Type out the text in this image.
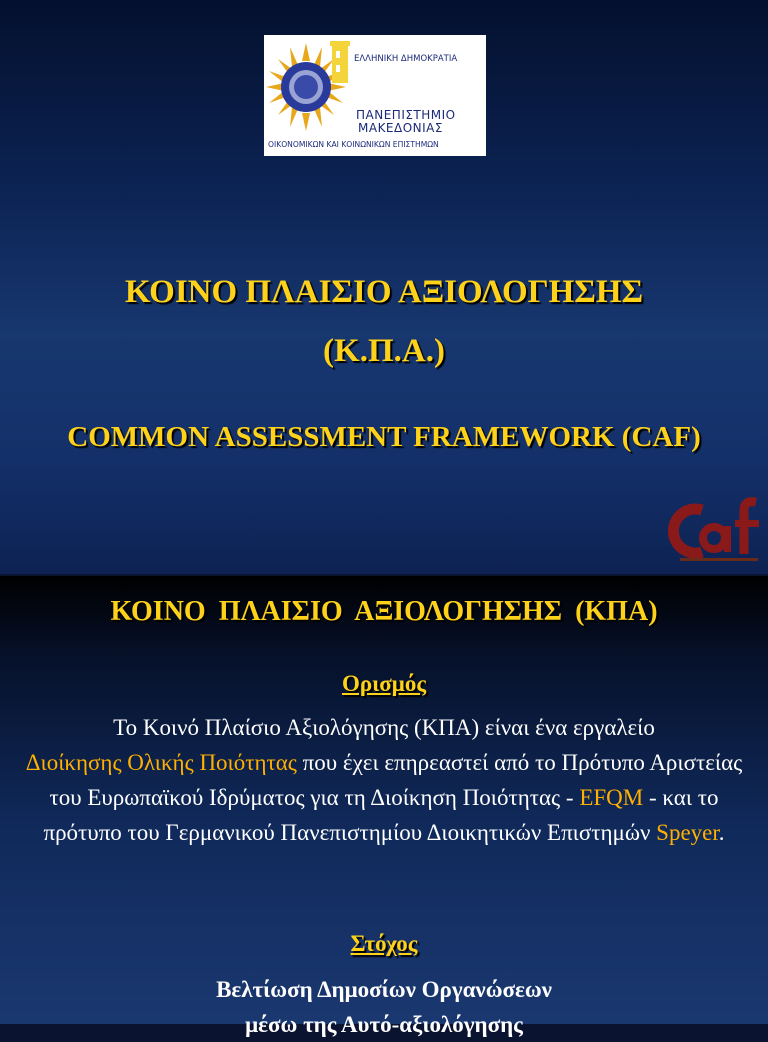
ΕΛΛΗΝΙΚΗ ΔΗΜΟΚΡΑΤΙΑ
ΠΑΝΕΠΙΣΤΗΜΙΟ
ΜΑΚΕΔΟΝΙΑΣ
ΟΙΚΟΝΟΜΙΚΩΝ ΚΑΙ ΚΟΙΝΩΝΙΚΩΝ ΕΠΙΣΤΗΜΩΝ
ΚΟΙΝΟ ΠΛΑΙΣΙΟ ΑΞΙΟΛΟΓΗΣΗΣ
(Κ.Π.Α.)
COMMON ASSESSMENT FRAMEWORK (CAF)
ΚΟΙΝΟ ΠΛΑΙΣΙΟ ΑΞΙΟΛΟΓΗΣΗΣ (ΚΠΑ)
Ορισμός
Το Κοινό Πλαίσιο Αξιολόγησης (ΚΠΑ) είναι ένα εργαλείο
Διοίκησης Ολικής Ποιότητας που έχει επηρεαστεί από το Πρότυπο Αριστείας του Ευρωπαϊκού Ιδρύματος για τη Διοίκηση Ποιότητας - EFQM - και το πρότυπο του Γερμανικού Πανεπιστημίου Διοικητικών Επιστημών Speyer.
Στόχος
Βελτίωση Δημοσίων Οργανώσεων
μέσω της Αυτό-αξιολόγησης
